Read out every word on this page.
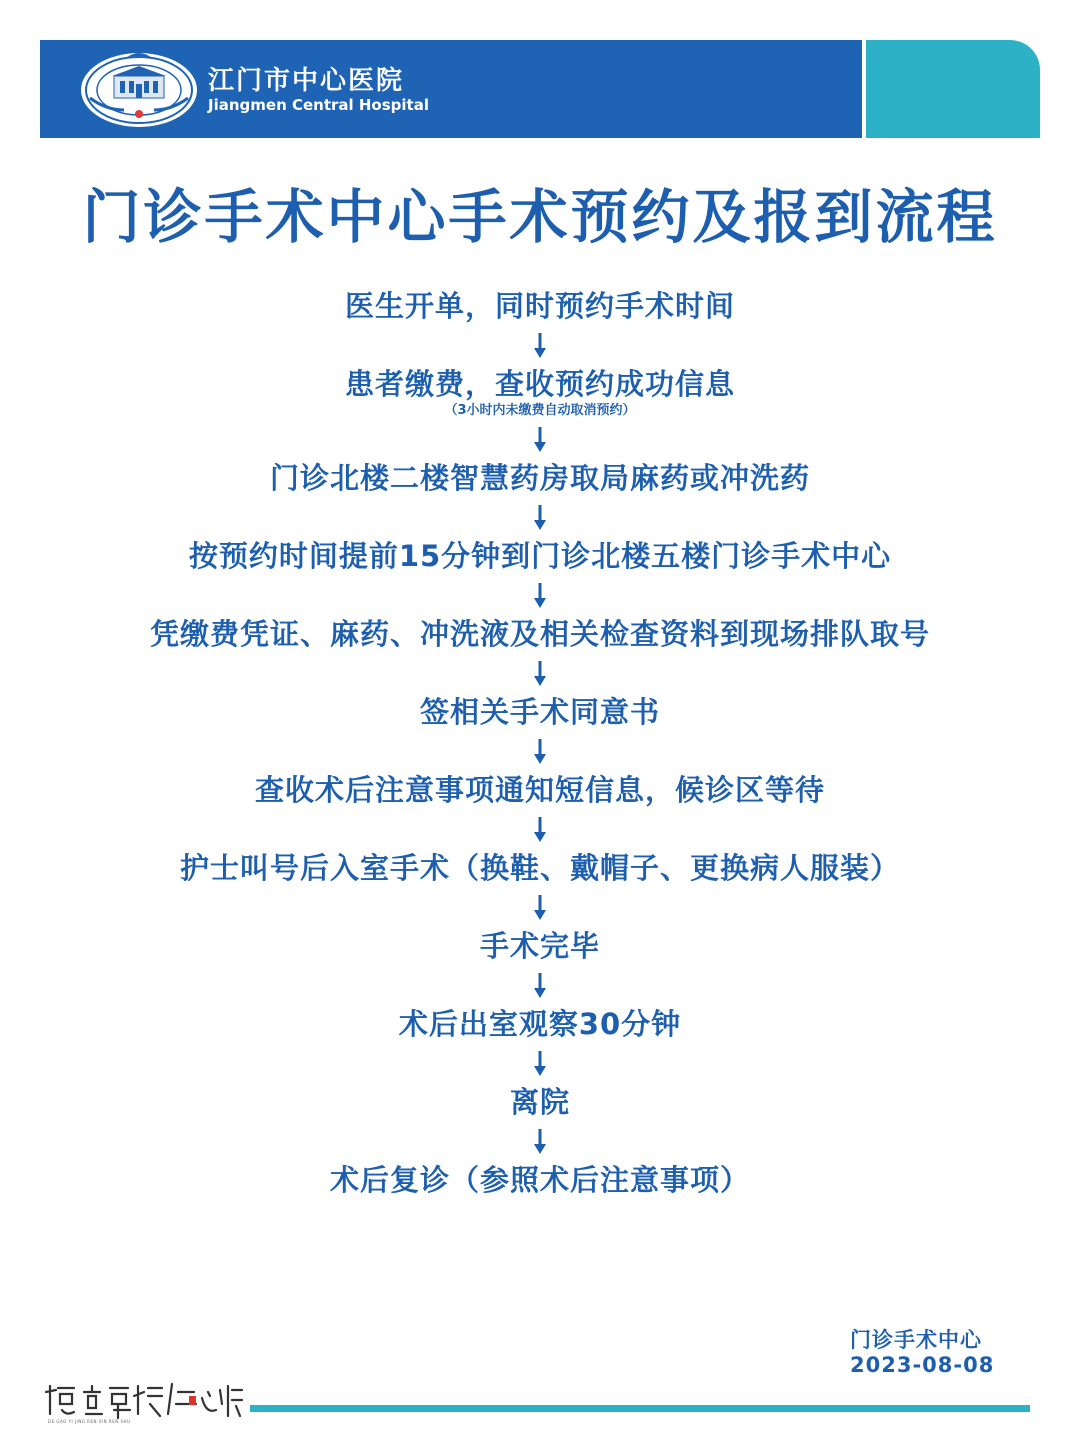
江门市中心医院
Jiangmen Central Hospital
门诊手术中心手术预约及报到流程
医生开单，同时预约手术时间
患者缴费，查收预约成功信息
（3小时内未缴费自动取消预约）
门诊北楼二楼智慧药房取局麻药或冲洗药
按预约时间提前15分钟到门诊北楼五楼门诊手术中心
凭缴费凭证、麻药、冲洗液及相关检查资料到现场排队取号
签相关手术同意书
查收术后注意事项通知短信息，候诊区等待
护士叫号后入室手术（换鞋、戴帽子、更换病人服装）
手术完毕
术后出室观察30分钟
离院
术后复诊（参照术后注意事项）
门诊手术中心
2023-08-08
DE GAO YI JING REN XIN REN SHU
